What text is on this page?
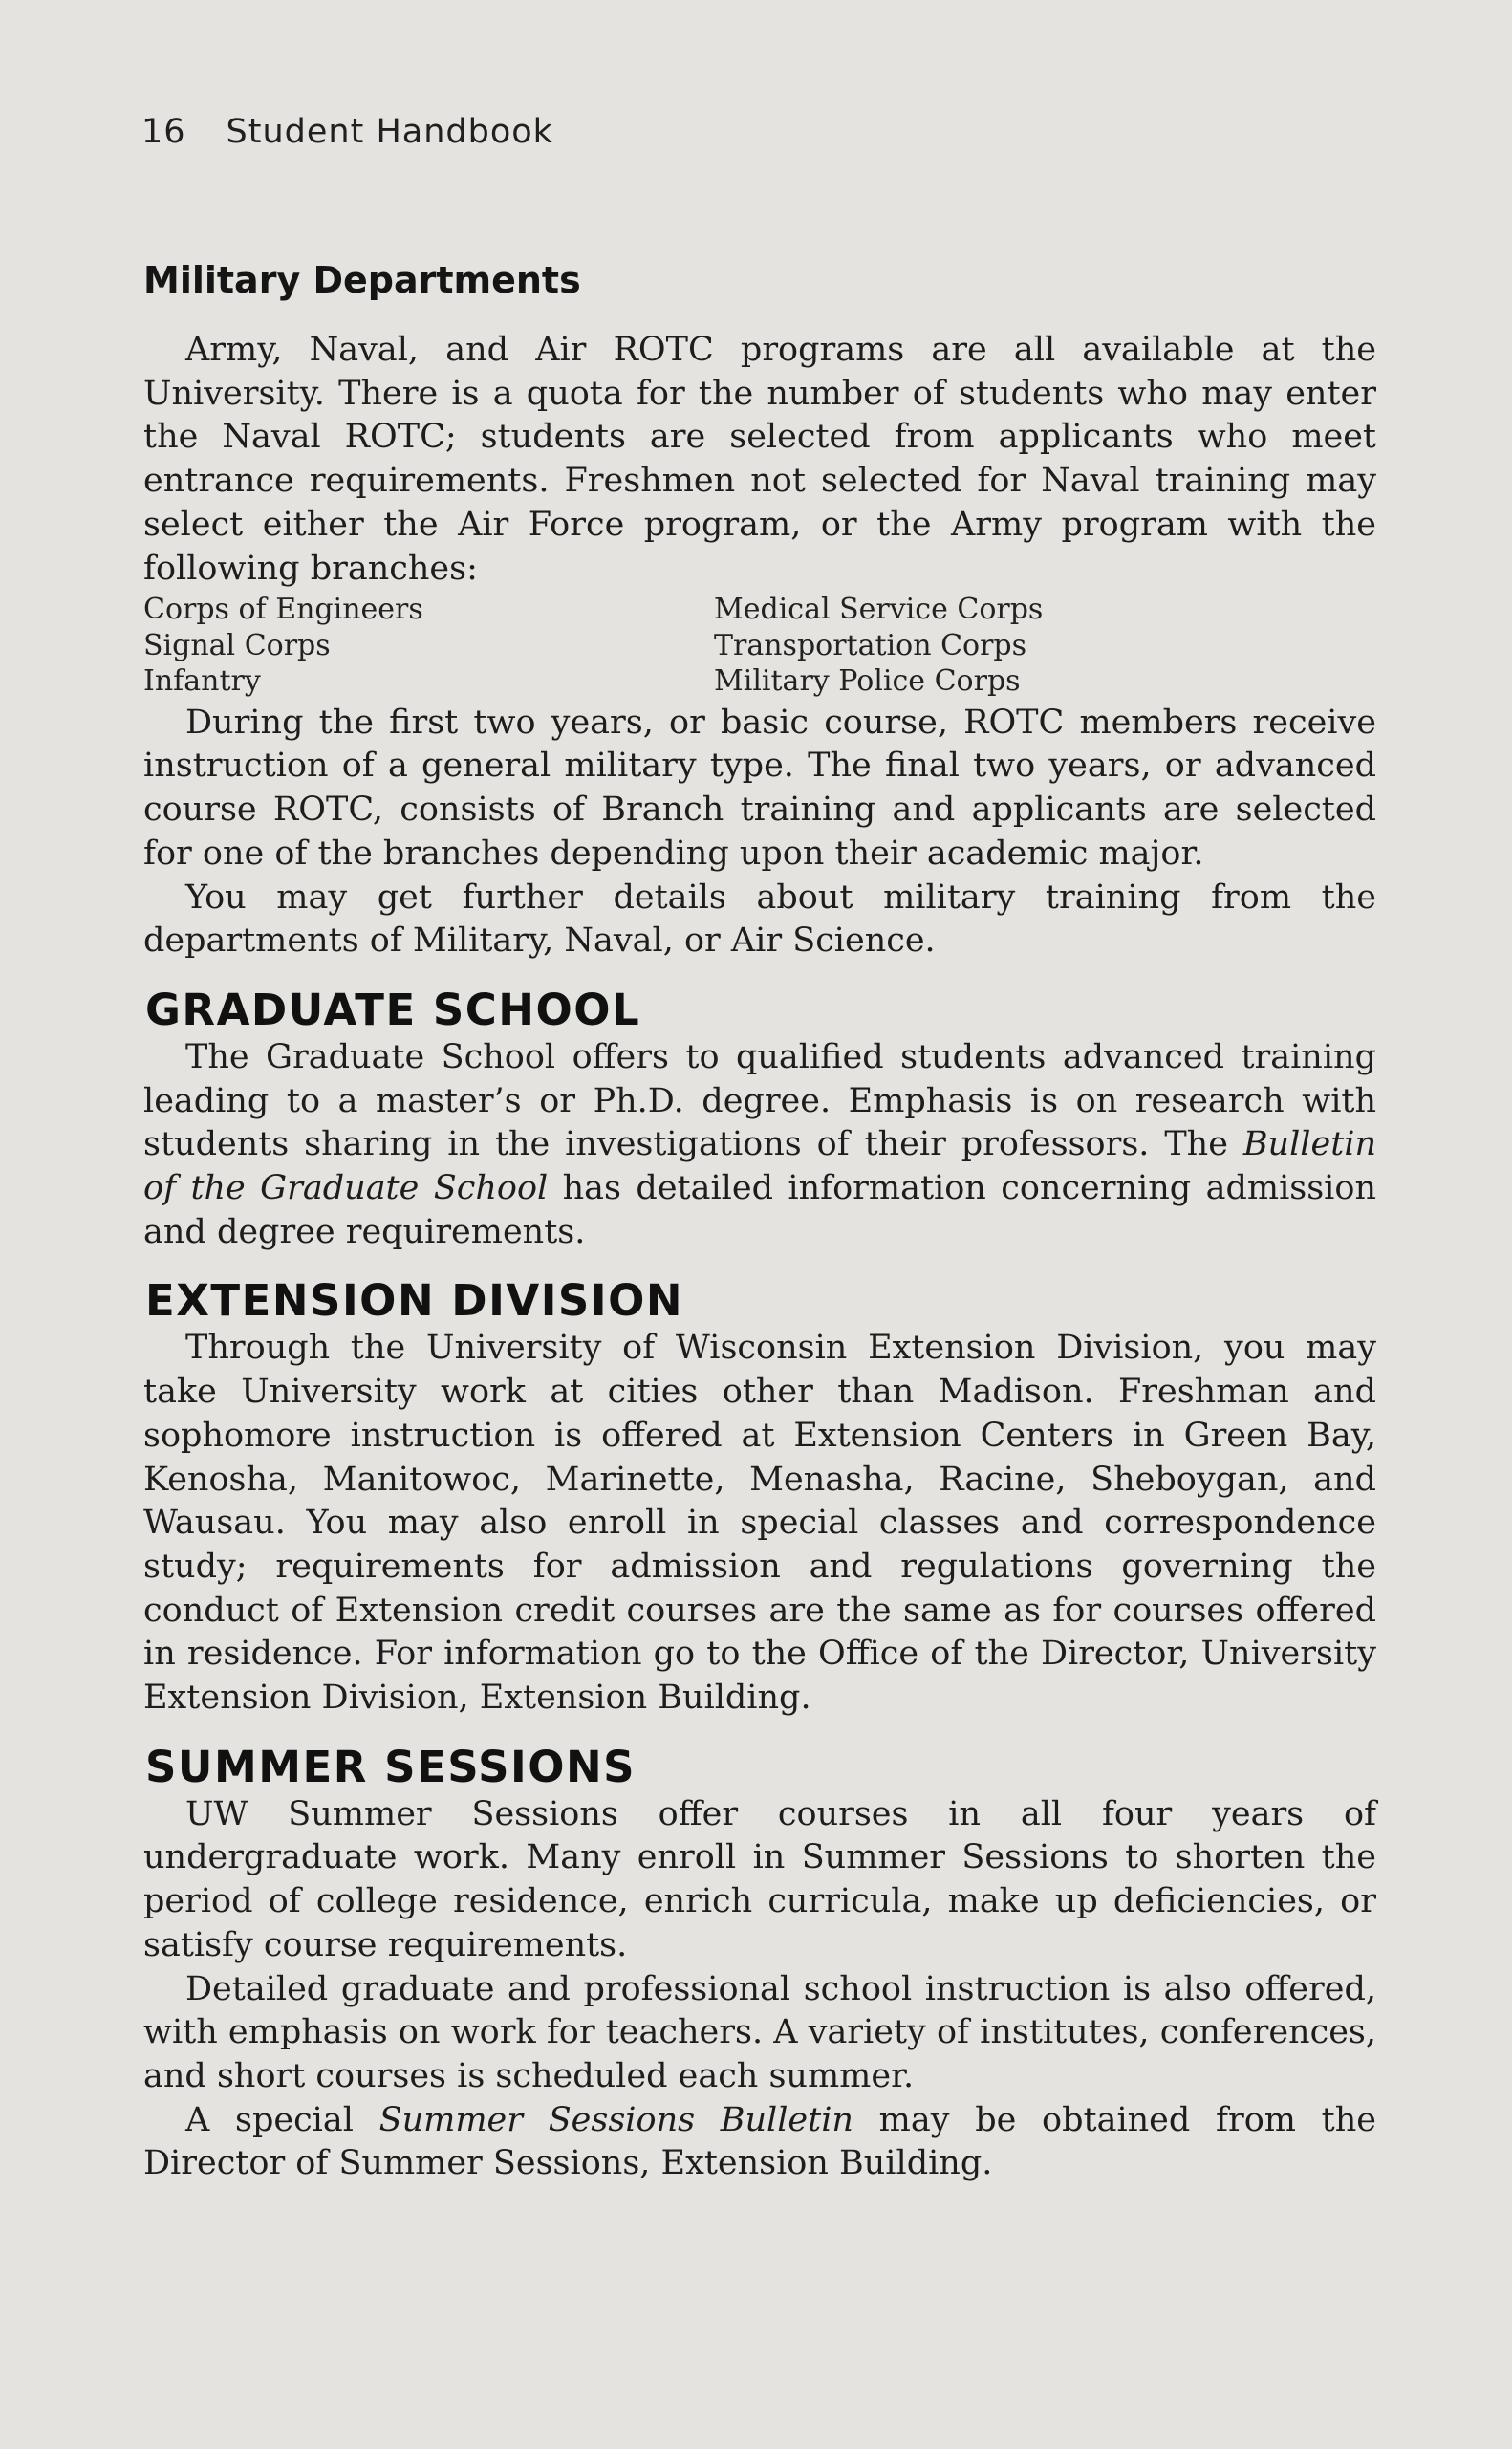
16 Student Handbook
Military Departments

Army, Naval, and Air ROTC programs are all available at the University. There is a quota for the number of students who may enter the Naval ROTC; students are selected from applicants who meet entrance requirements. Freshmen not selected for Naval training may select either the Air Force program, or the Army program with the following branches:

Corps of Engineers	Medical Service Corps
Signal Corps	Transportation Corps
Infantry	Military Police Corps

During the first two years, or basic course, ROTC members receive instruction of a general military type. The final two years, or advanced course ROTC, consists of Branch training and applicants are selected for one of the branches depending upon their academic major.

You may get further details about military training from the departments of Military, Naval, or Air Science.

GRADUATE SCHOOL

The Graduate School offers to qualified students advanced training leading to a master’s or Ph.D. degree. Emphasis is on research with students sharing in the investigations of their professors. The Bulletin of the Graduate School has detailed information concerning admission and degree requirements.

EXTENSION DIVISION

Through the University of Wisconsin Extension Division, you may take University work at cities other than Madison. Freshman and sophomore instruction is offered at Extension Centers in Green Bay, Kenosha, Manitowoc, Marinette, Menasha, Racine, Sheboygan, and Wausau. You may also enroll in special classes and correspondence study; requirements for admission and regulations governing the conduct of Extension credit courses are the same as for courses offered in residence. For information go to the Office of the Director, University Extension Division, Extension Building.

SUMMER SESSIONS

UW Summer Sessions offer courses in all four years of undergraduate work. Many enroll in Summer Sessions to shorten the period of college residence, enrich curricula, make up deficiencies, or satisfy course requirements.

Detailed graduate and professional school instruction is also offered, with emphasis on work for teachers. A variety of institutes, conferences, and short courses is scheduled each summer.

A special Summer Sessions Bulletin may be obtained from the Director of Summer Sessions, Extension Building.
